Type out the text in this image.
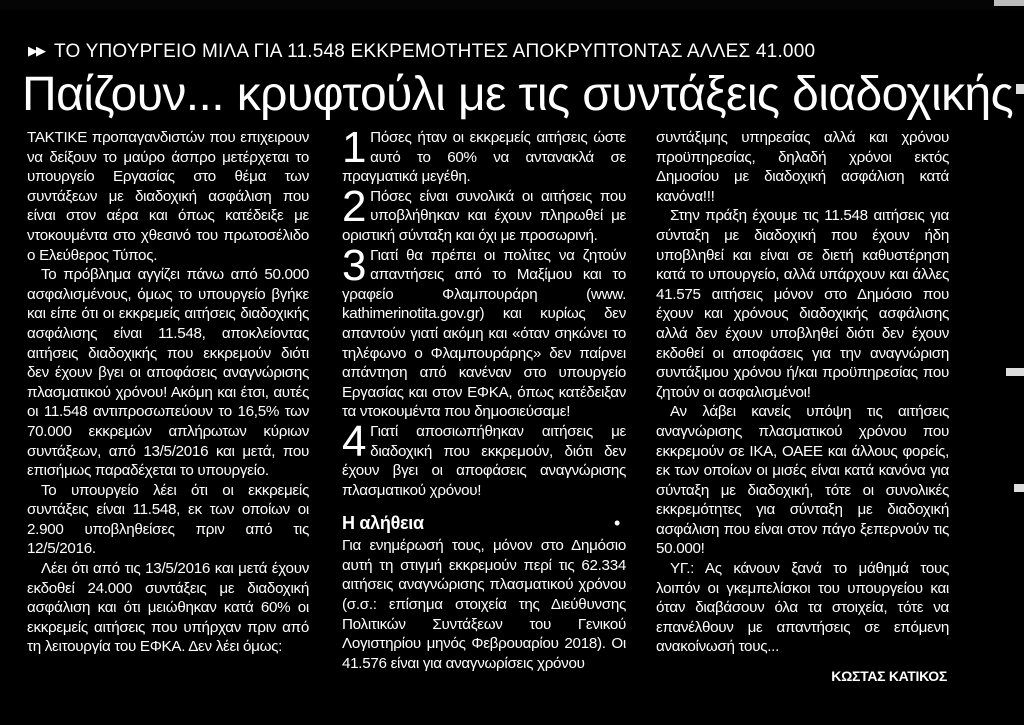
▶▶ ΤΟ ΥΠΟΥΡΓΕΙΟ ΜΙΛΑ ΓΙΑ 11.548 ΕΚΚΡΕΜΟΤΗΤΕΣ ΑΠΟΚΡΥΠΤΟΝΤΑΣ ΑΛΛΕΣ 41.000
Παίζουν... κρυφτούλι με τις συντάξεις διαδοχικής

ΤΑΚΤΙΚΕ προπαγανδιστών που επιχειρουν να δείξουν το μαύρο άσπρο μετέρχεται το υπουργείο Εργασίας στο θέμα των συντάξεων με διαδοχική ασφάλιση που είναι στον αέρα και όπως κατέδειξε με ντοκουμέντα στο χθεσινό του πρωτοσέλιδο ο Ελεύθερος Τύπος.

Το πρόβλημα αγγίζει πάνω από 50.000 ασφαλισμένους, όμως το υπουργείο βγήκε και είπε ότι οι εκκρεμείς αιτήσεις διαδοχικής ασφάλισης είναι 11.548, αποκλείοντας αιτήσεις διαδοχικής που εκκρεμούν διότι δεν έχουν βγει οι αποφάσεις αναγνώρισης πλασματικού χρόνου! Ακόμη και έτσι, αυτές οι 11.548 αντιπροσωπεύουν το 16,5% των 70.000 εκκρεμών απλήρωτων κύριων συντάξεων, από 13/5/2016 και μετά, που επισήμως παραδέχεται το υπουργείο.

Το υπουργείο λέει ότι οι εκκρεμείς συντάξεις είναι 11.548, εκ των οποίων οι 2.900 υποβληθείσες πριν από τις 12/5/2016.

Λέει ότι από τις 13/5/2016 και μετά έχουν εκδοθεί 24.000 συντάξεις με διαδοχική ασφάλιση και ότι μειώθηκαν κατά 60% οι εκκρεμείς αιτήσεις που υπήρχαν πριν από τη λειτουργία του ΕΦΚΑ. Δεν λέει όμως:

1 Πόσες ήταν οι εκκρεμείς αιτήσεις ώστε αυτό το 60% να αντανακλά σε πραγματικά μεγέθη.
2 Πόσες είναι συνολικά οι αιτήσεις που υποβλήθηκαν και έχουν πληρωθεί με οριστική σύνταξη και όχι με προσωρινή.
3 Γιατί θα πρέπει οι πολίτες να ζητούν απαντήσεις από το Μαξίμου και το γραφείο Φλαμπουράρη (www. kathimerinotita.gov.gr) και κυρίως δεν απαντούν γιατί ακόμη και «όταν σηκώνει το τηλέφωνο ο Φλαμπουράρης» δεν παίρνει απάντηση από κανέναν στο υπουργείο Εργασίας και στον ΕΦΚΑ, όπως κατέδειξαν τα ντοκουμέντα που δημοσιεύσαμε!
4 Γιατί αποσιωπήθηκαν αιτήσεις με διαδοχική που εκκρεμούν, διότι δεν έχουν βγει οι αποφάσεις αναγνώρισης πλασματικού χρόνου!
•
Η αλήθεια

Για ενημέρωσή τους, μόνον στο Δημόσιο αυτή τη στιγμή εκκρεμούν περί τις 62.334 αιτήσεις αναγνώρισης πλασματικού χρόνου (σ.σ.: επίσημα στοιχεία της Διεύθυνσης Πολιτικών Συντάξεων του Γενικού Λογιστηρίου μηνός Φεβρουαρίου 2018). Οι 41.576 είναι για αναγνωρίσεις χρόνου

συντάξιμης υπηρεσίας αλλά και χρόνου προϋπηρεσίας, δηλαδή χρόνοι εκτός Δημοσίου με διαδοχική ασφάλιση κατά κανόνα!!!

Στην πράξη έχουμε τις 11.548 αιτήσεις για σύνταξη με διαδοχική που έχουν ήδη υποβληθεί και είναι σε διετή καθυστέρηση κατά το υπουργείο, αλλά υπάρχουν και άλλες 41.575 αιτήσεις μόνον στο Δημόσιο που έχουν και χρόνους διαδοχικής ασφάλισης αλλά δεν έχουν υποβληθεί διότι δεν έχουν εκδοθεί οι αποφάσεις για την αναγνώριση συντάξιμου χρόνου ή/και προϋπηρεσίας που ζητούν οι ασφαλισμένοι!

Αν λάβει κανείς υπόψη τις αιτήσεις αναγνώρισης πλασματικού χρόνου που εκκρεμούν σε ΙΚΑ, ΟΑΕΕ και άλλους φορείς, εκ των οποίων οι μισές είναι κατά κανόνα για σύνταξη με διαδοχική, τότε οι συνολικές εκκρεμότητες για σύνταξη με διαδοχική ασφάλιση που είναι στον πάγο ξεπερνούν τις 50.000!

ΥΓ.: Ας κάνουν ξανά το μάθημά τους λοιπόν οι γκεμπελίσκοι του υπουργείου και όταν διαβάσουν όλα τα στοιχεία, τότε να επανέλθουν με απαντήσεις σε επόμενη ανακοίνωσή τους...

ΚΩΣΤΑΣ ΚΑΤΙΚΟΣ
